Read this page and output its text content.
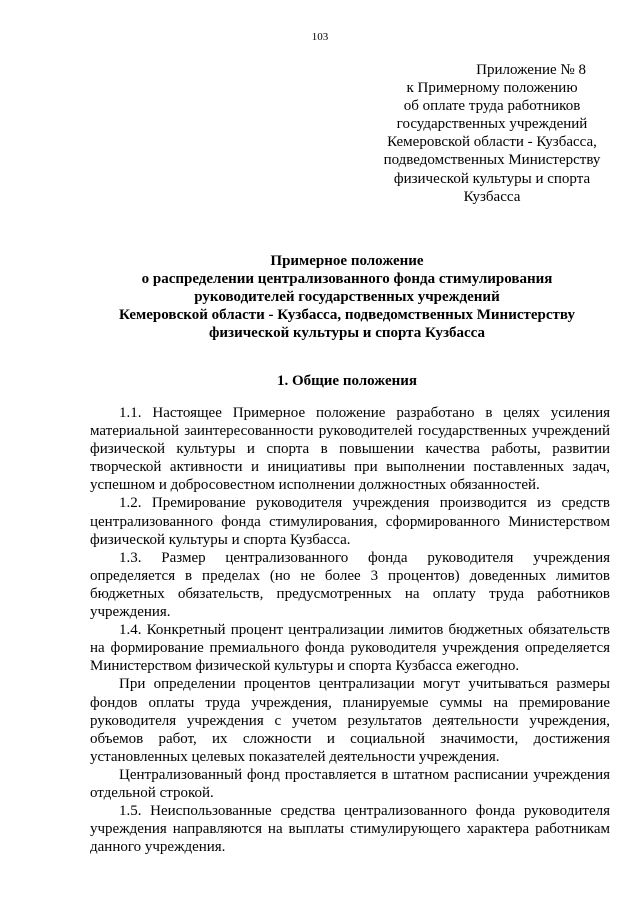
103
Приложение № 8
к Примерному положению
об оплате труда работников
государственных учреждений
Кемеровской области - Кузбасса,
подведомственных Министерству
физической культуры и спорта
Кузбасса
Примерное положение
о распределении централизованного фонда стимулирования
руководителей государственных учреждений
Кемеровской области - Кузбасса, подведомственных Министерству
физической культуры и спорта Кузбасса
1. Общие положения

1.1. Настоящее Примерное положение разработано в целях усиления материальной заинтересованности руководителей государственных учреждений физической культуры и спорта в повышении качества работы, развитии творческой активности и инициативы при выполнении поставленных задач, успешном и добросовестном исполнении должностных обязанностей.

1.2. Премирование руководителя учреждения производится из средств централизованного фонда стимулирования, сформированного Министерством физической культуры и спорта Кузбасса.

1.3. Размер централизованного фонда руководителя учреждения определяется в пределах (но не более 3 процентов) доведенных лимитов бюджетных обязательств, предусмотренных на оплату труда работников учреждения.

1.4. Конкретный процент централизации лимитов бюджетных обязательств на формирование премиального фонда руководителя учреждения определяется Министерством физической культуры и спорта Кузбасса ежегодно.

При определении процентов централизации могут учитываться размеры фондов оплаты труда учреждения, планируемые суммы на премирование руководителя учреждения с учетом результатов деятельности учреждения, объемов работ, их сложности и социальной значимости, достижения установленных целевых показателей деятельности учреждения.

Централизованный фонд проставляется в штатном расписании учреждения отдельной строкой.

1.5. Неиспользованные средства централизованного фонда руководителя учреждения направляются на выплаты стимулирующего характера работникам данного учреждения.
